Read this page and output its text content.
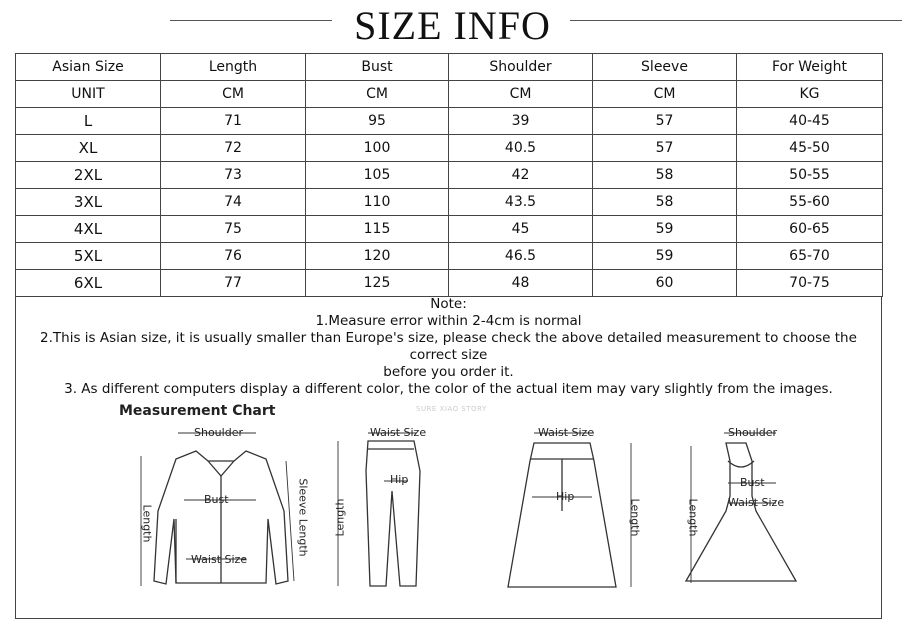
SIZE INFO
Asian Size	Length	Bust	Shoulder	Sleeve	For Weight
UNIT	CM	CM	CM	CM	KG
L	71	95	39	57	40-45
XL	72	100	40.5	57	45-50
2XL	73	105	42	58	50-55
3XL	74	110	43.5	58	55-60
4XL	75	115	45	59	60-65
5XL	76	120	46.5	59	65-70
6XL	77	125	48	60	70-75
Note:
1.Measure error within 2-4cm is normal
2.This is Asian size, it is usually smaller than Europe's size, please check the above detailed measurement to choose the correct size
before you order it.
3. As different computers display a different color, the color of the actual item may vary slightly from the images.
Measurement Chart	SURE XIAO STORY
Shoulder
Bust
Waist Size
Length	Sleeve Length
Waist Size
Hip
Length
Waist Size
Hip
Length
Shoulder
Bust
Waist Size
Length
